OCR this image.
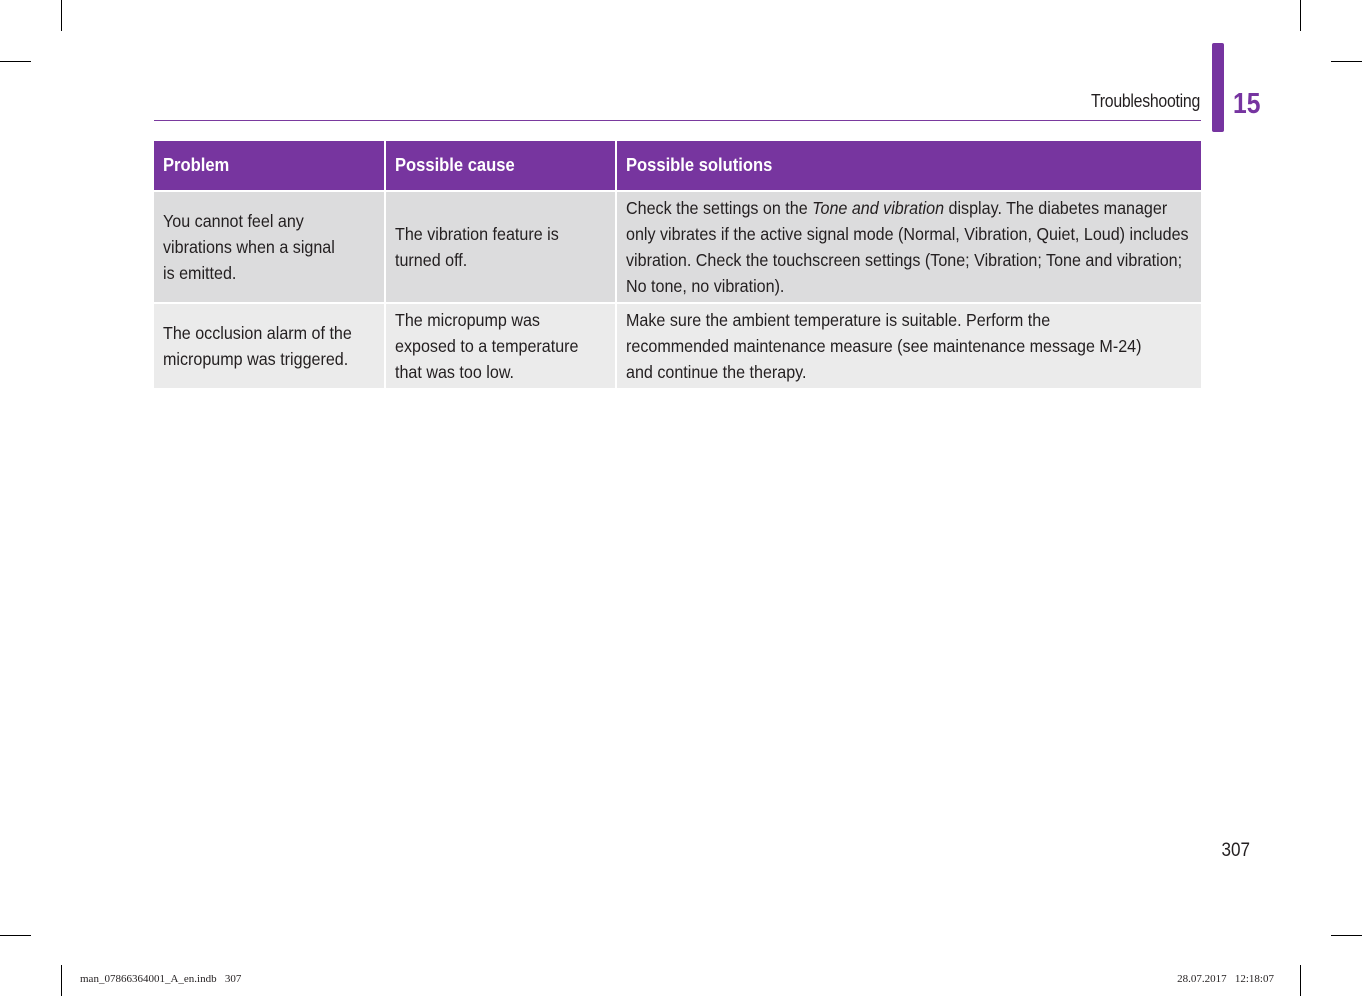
Troubleshooting 15
Problem	Possible cause	Possible solutions

You cannot feel any vibrations when a signal is emitted.	The vibration feature is turned off.	Check the settings on the Tone and vibration display. The diabetes manager only vibrates if the active signal mode (Normal, Vibration, Quiet, Loud) includes vibration. Check the touchscreen settings (Tone; Vibration; Tone and vibration; No tone, no vibration).
The occlusion alarm of the micropump was triggered.	The micropump was exposed to a temperature that was too low.	Make sure the ambient temperature is suitable. Perform the recommended maintenance measure (see maintenance message M-24) and continue the therapy.
307
man_07866364001_A_en.indb   307	28.07.2017   12:18:07
